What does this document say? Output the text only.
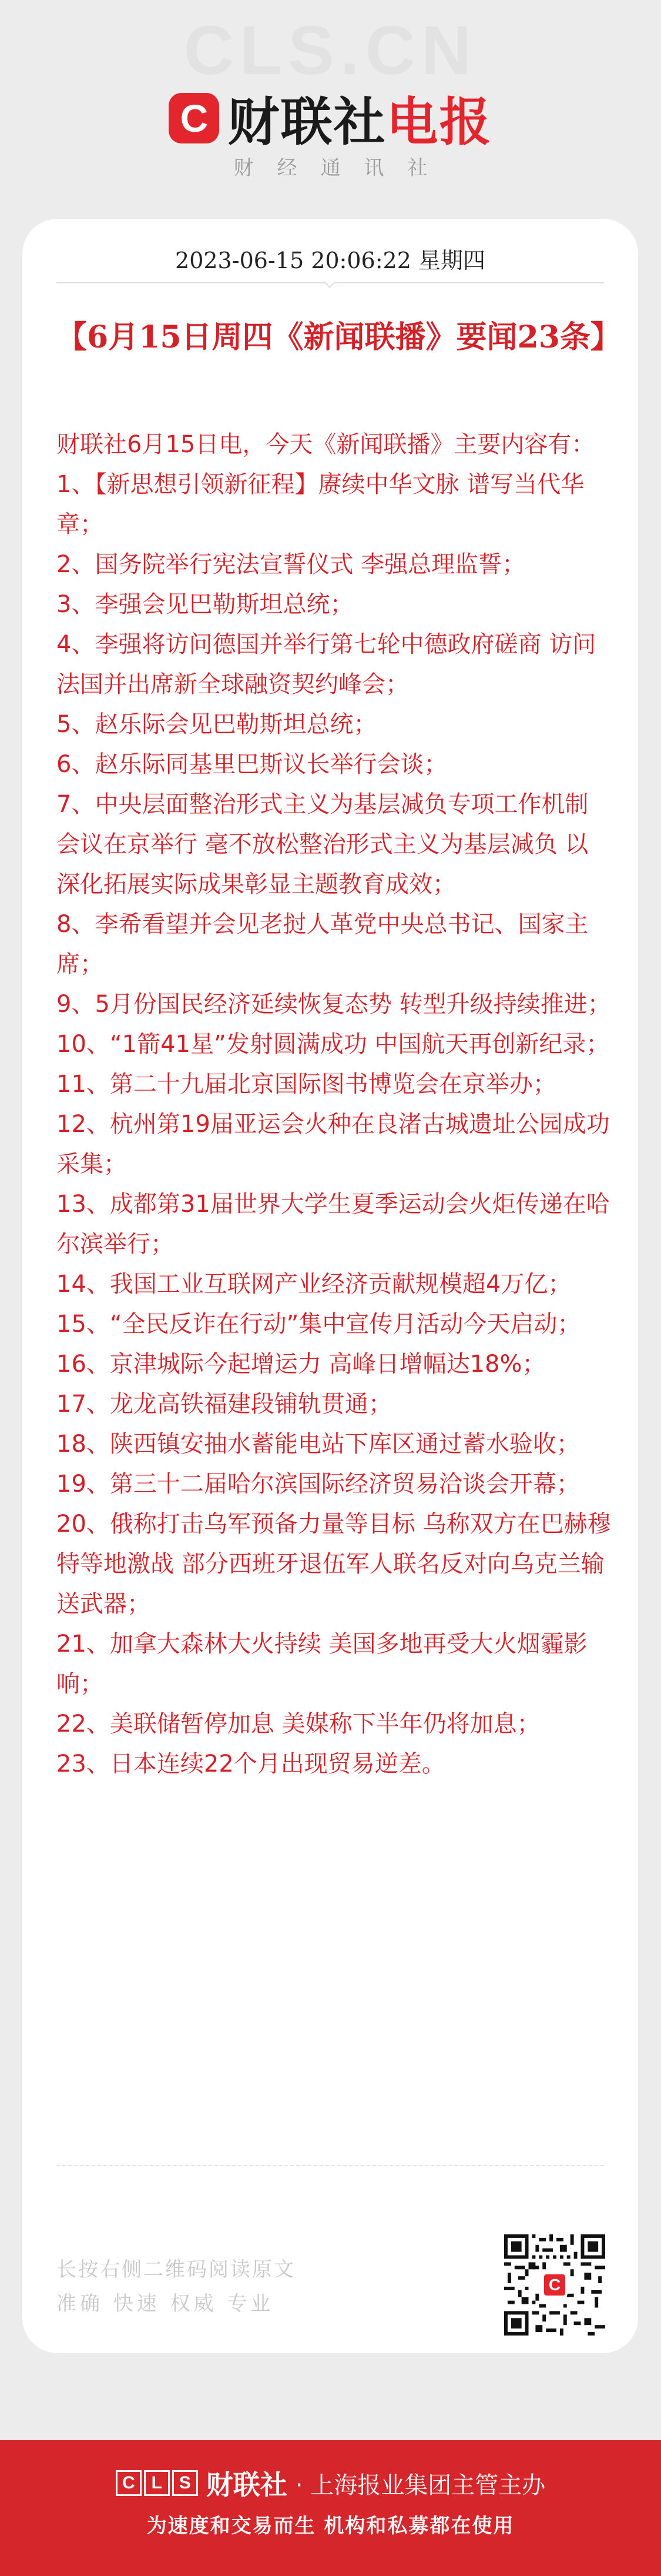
CLS.CN
C 财联社电报
财经通讯社
2023-06-15 20:06:22 星期四
【6月15日周四《新闻联播》要闻23条】

财联社6月15日电，今天《新闻联播》主要内容有：

1、【新思想引领新征程】赓续中华文脉 谱写当代华章；

2、国务院举行宪法宣誓仪式 李强总理监誓；

3、李强会见巴勒斯坦总统；

4、李强将访问德国并举行第七轮中德政府磋商 访问法国并出席新全球融资契约峰会；

5、赵乐际会见巴勒斯坦总统；

6、赵乐际同基里巴斯议长举行会谈；

7、中央层面整治形式主义为基层减负专项工作机制会议在京举行 毫不放松整治形式主义为基层减负 以深化拓展实际成果彰显主题教育成效；

8、李希看望并会见老挝人革党中央总书记、国家主席；

9、5月份国民经济延续恢复态势 转型升级持续推进；

10、“1箭41星”发射圆满成功 中国航天再创新纪录；

11、第二十九届北京国际图书博览会在京举办；

12、杭州第19届亚运会火种在良渚古城遗址公园成功采集；

13、成都第31届世界大学生夏季运动会火炬传递在哈尔滨举行；

14、我国工业互联网产业经济贡献规模超4万亿；

15、“全民反诈在行动”集中宣传月活动今天启动；

16、京津城际今起增运力 高峰日增幅达18%；

17、龙龙高铁福建段铺轨贯通；

18、陕西镇安抽水蓄能电站下库区通过蓄水验收；

19、第三十二届哈尔滨国际经济贸易洽谈会开幕；

20、俄称打击乌军预备力量等目标 乌称双方在巴赫穆特等地激战 部分西班牙退伍军人联名反对向乌克兰输送武器；

21、加拿大森林大火持续 美国多地再受大火烟霾影响；

22、美联储暂停加息 美媒称下半年仍将加息；

23、日本连续22个月出现贸易逆差。

长按右侧二维码阅读原文
准确 快速 权威 专业
C
C L S 财联社 · 上海报业集团主管主办
为速度和交易而生 机构和私募都在使用
